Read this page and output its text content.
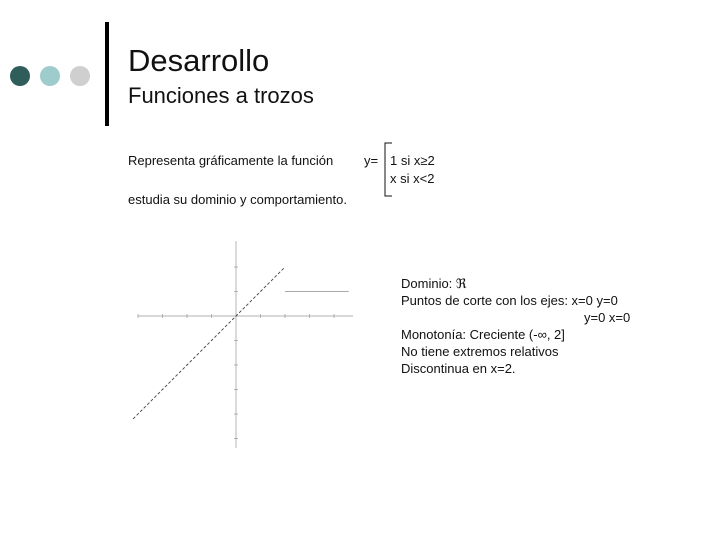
Desarrollo
Funciones a trozos
Representa gráficamente la función y= 1 si x≥2
x si x<2
estudia su dominio y comportamiento.
Dominio: ℜ
Puntos de corte con los ejes: x=0 y=0
y=0 x=0
Monotonía: Creciente (-∞, 2]
No tiene extremos relativos
Discontinua en x=2.
